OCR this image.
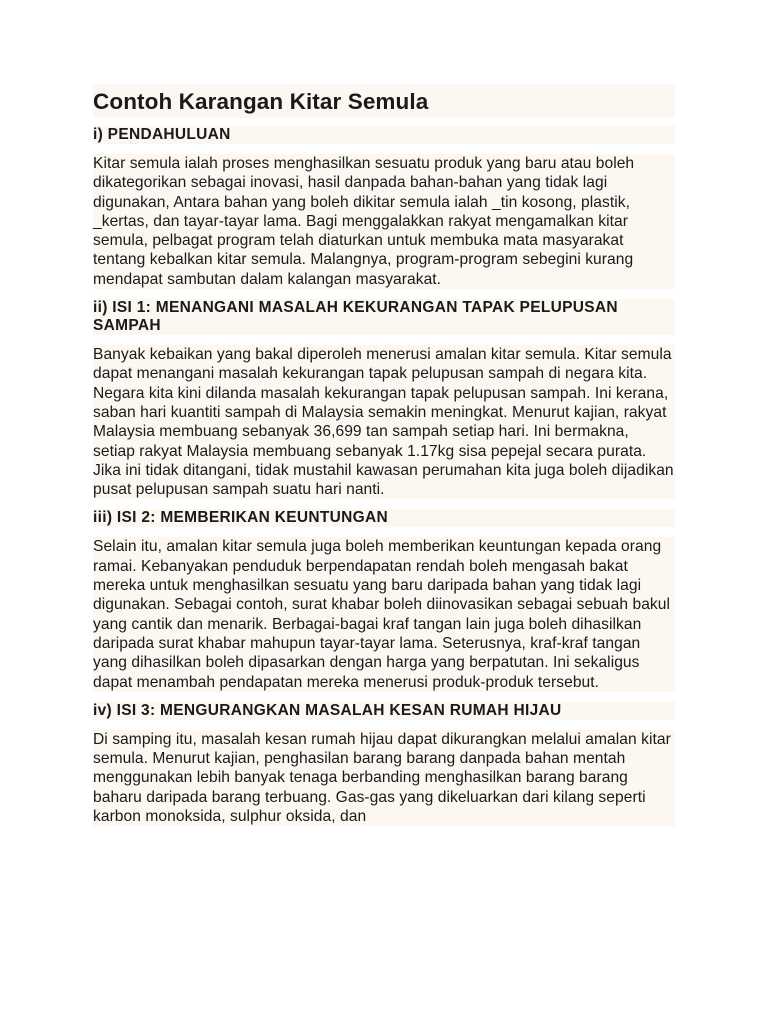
Contoh Karangan Kitar Semula
i) PENDAHULUAN
Kitar semula ialah proses menghasilkan sesuatu produk yang baru atau boleh dikategorikan sebagai inovasi, hasil danpada bahan-bahan yang tidak lagi digunakan, Antara bahan yang boleh dikitar semula ialah _tin kosong, plastik, _kertas, dan tayar-tayar lama. Bagi menggalakkan rakyat mengamalkan kitar semula, pelbagat program telah diaturkan untuk membuka mata masyarakat tentang kebalkan kitar semula. Malangnya, program-program sebegini kurang mendapat sambutan dalam kalangan masyarakat.
ii) ISI 1: MENANGANI MASALAH KEKURANGAN TAPAK PELUPUSAN SAMPAH
Banyak kebaikan yang bakal diperoleh menerusi amalan kitar semula. Kitar semula dapat menangani masalah kekurangan tapak pelupusan sampah di negara kita. Negara kita kini dilanda masalah kekurangan tapak pelupusan sampah. Ini kerana, saban hari kuantiti sampah di Malaysia semakin meningkat. Menurut kajian, rakyat Malaysia membuang sebanyak 36,699 tan sampah setiap hari. Ini bermakna, setiap rakyat Malaysia membuang sebanyak 1.17kg sisa pepejal secara purata. Jika ini tidak ditangani, tidak mustahil kawasan perumahan kita juga boleh dijadikan pusat pelupusan sampah suatu hari nanti.
iii) ISI 2: MEMBERIKAN KEUNTUNGAN
Selain itu, amalan kitar semula juga boleh memberikan keuntungan kepada orang ramai. Kebanyakan penduduk berpendapatan rendah boleh mengasah bakat mereka untuk menghasilkan sesuatu yang baru daripada bahan yang tidak lagi digunakan. Sebagai contoh, surat khabar boleh diinovasikan sebagai sebuah bakul yang cantik dan menarik. Berbagai-bagai kraf tangan lain juga boleh dihasilkan daripada surat khabar mahupun tayar-tayar lama. Seterusnya, kraf-kraf tangan yang dihasilkan boleh dipasarkan dengan harga yang berpatutan. Ini sekaligus dapat menambah pendapatan mereka menerusi produk-produk tersebut.
iv) ISI 3: MENGURANGKAN MASALAH KESAN RUMAH HIJAU
Di samping itu, masalah kesan rumah hijau dapat dikurangkan melalui amalan kitar semula. Menurut kajian, penghasilan barang barang danpada bahan mentah menggunakan lebih banyak tenaga berbanding menghasilkan barang barang baharu daripada barang terbuang. Gas-gas yang dikeluarkan dari kilang seperti karbon monoksida, sulphur oksida, dan
